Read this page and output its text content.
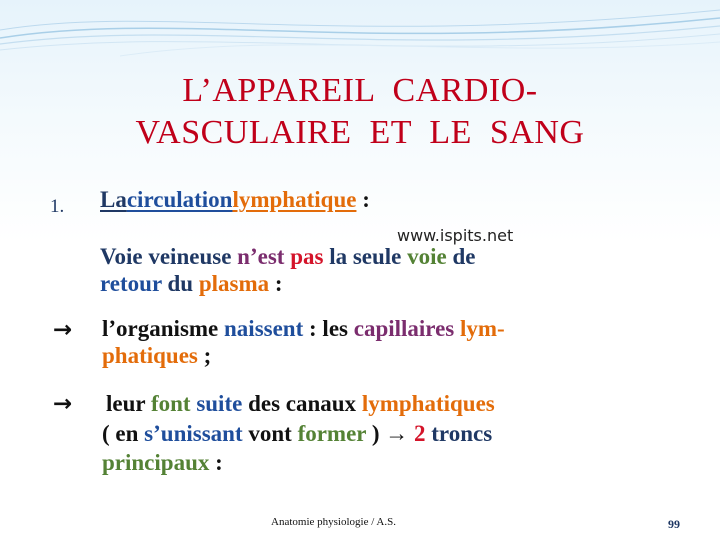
L’APPAREIL  CARDIO-
VASCULAIRE  ET  LE  SANG
1. Lacirculationlymphatique :
www.ispits.net
Voie veineuse n’est pas la seule voie de
retour du plasma :
→ l’organisme naissent : les capillaires lym-
phatiques ;
→ leur font suite des canaux lymphatiques
( en s’unissant vont former ) → 2 troncs
principaux :
Anatomie physiologie / A.S.	99
